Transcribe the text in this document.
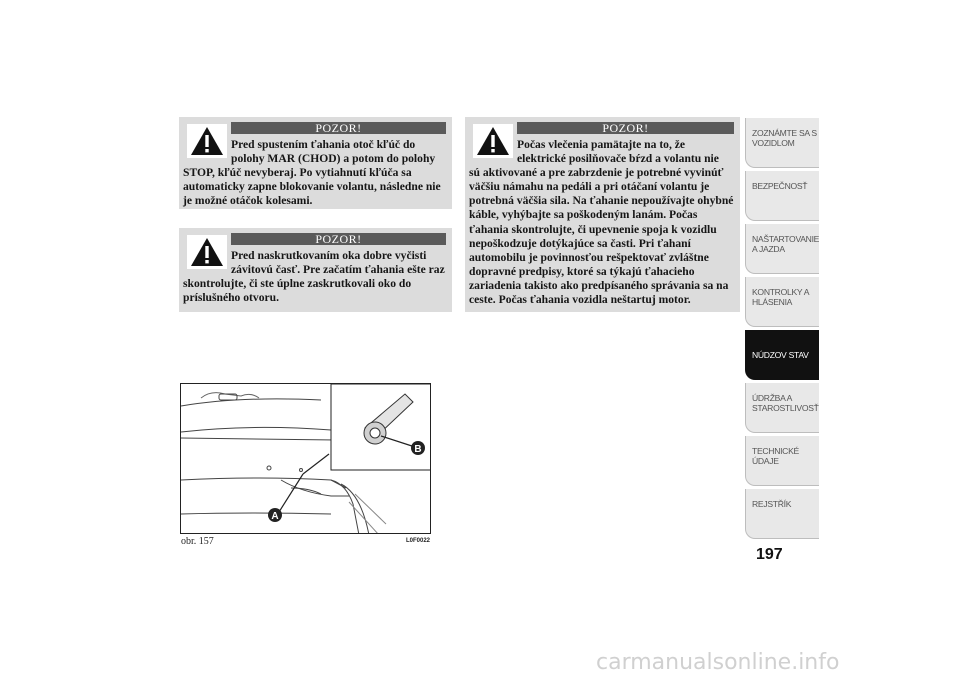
POZOR!
Pred spustením ťahania otoč kľúč do polohy MAR (CHOD) a potom do polohy
STOP, kľúč nevyberaj. Po vytiahnutí kľúča sa automaticky zapne blokovanie volantu, následne nie je možné otáčok kolesami.
POZOR!
Pred naskrutkovaním oka dobre vyčisti závitovú časť. Pre začatím ťahania ešte raz
skontrolujte, či ste úplne zaskrutkovali oko do príslušného otvoru.
POZOR!
Počas vlečenia pamätajte na to, že elektrické posilňovače bŕzd a volantu nie
sú aktivované a pre zabrzdenie je potrebné vyvinúť väčšiu námahu na pedáli a pri otáčaní volantu je potrebná väčšia sila. Na ťahanie nepoužívajte ohybné káble, vyhýbajte sa poškodeným lanám. Počas ťahania skontrolujte, či upevnenie spoja k vozidlu nepoškodzuje dotýkajúce sa časti. Pri ťahaní automobilu je povinnosťou rešpektovať zvláštne dopravné predpisy, ktoré sa týkajú ťahacieho zariadenia takisto ako predpísaného správania sa na ceste. Počas ťahania vozidla neštartuj motor.
B
A
obr. 157	L0F0022
ZOZNÁMTE SA S VOZIDLOM
BEZPEČNOSŤ
NAŠTARTOVANIE A JAZDA
KONTROLKY A HLÁSENIA
NÚDZOV STAV
ÚDRŽBA A STAROSTLIVOSŤ
TECHNICKÉ ÚDAJE
REJSTŘÍK
197
carmanualsonline.info
